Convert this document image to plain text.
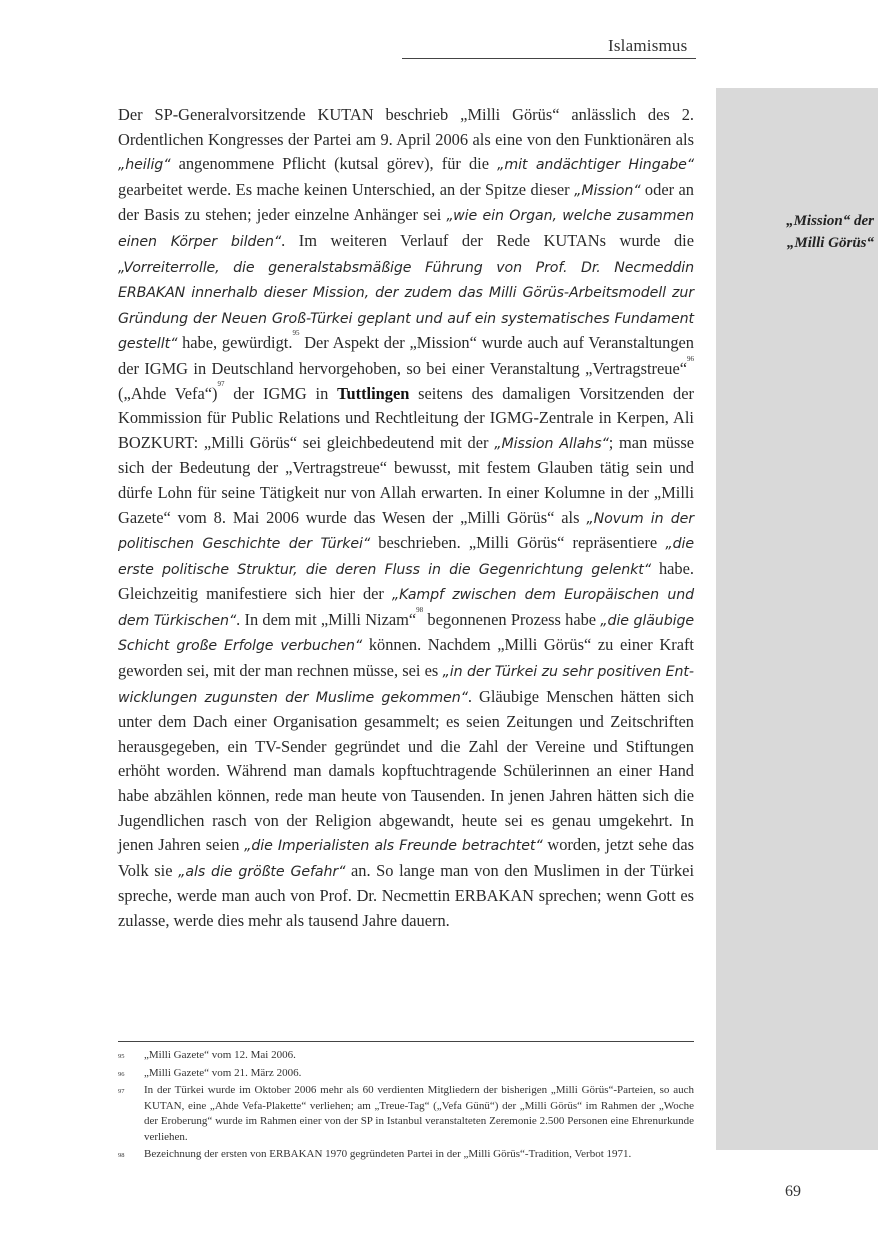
Islamismus
„Mission“ der
„Milli Görüs“

Der SP-Generalvorsitzende KUTAN beschrieb „Milli Görüs“ anlässlich des 2. Ordentlichen Kongresses der Partei am 9. April 2006 als eine von den Funktionären als „heilig“ angenommene Pflicht (kutsal görev), für die „mit andächtiger Hingabe“ gearbeitet werde. Es mache keinen Unterschied, an der Spitze dieser „Mission“ oder an der Basis zu stehen; jeder einzelne Anhänger sei „wie ein Organ, welche zusammen einen Körper bilden“. Im weiteren Verlauf der Rede KUTANs wurde die „Vorreiterrolle, die generalstabsmäßige Führung von Prof. Dr. Necmeddin ERBAKAN innerhalb dieser Mission, der zudem das Milli Görüs-Arbeitsmodell zur Gründung der Neuen Groß-Türkei geplant und auf ein systematisches Fundament gestellt“ habe, gewürdigt.$^{95}$ Der Aspekt der „Mission“ wurde auch auf Veranstaltungen der IGMG in Deutschland hervorgehoben, so bei einer Veranstaltung „Vertragstreue“$^{96}$ („Ahde Vefa“)$^{97}$ der IGMG in Tuttlingen seitens des damaligen Vorsitzenden der Kommission für Public Relations und Rechtleitung der IGMG-Zentrale in Kerpen, Ali BOZKURT: „Milli Görüs“ sei gleichbedeutend mit der „Mission Allahs“; man müsse sich der Bedeutung der „Vertragstreue“ bewusst, mit festem Glauben tätig sein und dürfe Lohn für seine Tätigkeit nur von Allah erwarten. In einer Kolumne in der „Milli Gazete“ vom 8. Mai 2006 wurde das Wesen der „Milli Görüs“ als „Novum in der politischen Geschichte der Türkei“ beschrieben. „Milli Görüs“ repräsentiere „die erste politische Struktur, die deren Fluss in die Gegenrichtung gelenkt“ habe. Gleichzeitig manifestiere sich hier der „Kampf zwischen dem Europäischen und dem Türkischen“. In dem mit „Milli Nizam“$^{98}$ begonnenen Prozess habe „die gläubige Schicht große Erfolge verbuchen“ können. Nachdem „Milli Görüs“ zu einer Kraft geworden sei, mit der man rechnen müsse, sei es „in der Türkei zu sehr positiven Entwicklungen zugunsten der Muslime gekommen“. Gläubige Menschen hätten sich unter dem Dach einer Organisation gesammelt; es seien Zeitungen und Zeitschriften herausgegeben, ein TV-Sender gegründet und die Zahl der Vereine und Stiftungen erhöht worden. Während man damals kopftuchtragende Schülerinnen an einer Hand habe abzählen können, rede man heute von Tausenden. In jenen Jahren hätten sich die Jugendlichen rasch von der Religion abgewandt, heute sei es genau umgekehrt. In jenen Jahren seien „die Imperialisten als Freunde betrachtet“ worden, jetzt sehe das Volk sie „als die größte Gefahr“ an. So lange man von den Muslimen in der Türkei spreche, werde man auch von Prof. Dr. Necmettin ERBAKAN sprechen; wenn Gott es zulasse, werde dies mehr als tausend Jahre dauern.

95	„Milli Gazete“ vom 12. Mai 2006.
96	„Milli Gazete“ vom 21. März 2006.
97	In der Türkei wurde im Oktober 2006 mehr als 60 verdienten Mitgliedern der bisherigen „Milli Görüs“-Parteien, so auch KUTAN, eine „Ahde Vefa-Plakette“ verliehen; am „Treue-Tag“ („Vefa Günü“) der „Milli Görüs“ im Rahmen der „Woche der Eroberung“ wurde im Rahmen einer von der SP in Istanbul veranstalteten Zeremonie 2.500 Personen eine Ehrenurkunde verliehen.
98	Bezeichnung der ersten von ERBAKAN 1970 gegründeten Partei in der „Milli Görüs“-Tradition, Verbot 1971.
69
